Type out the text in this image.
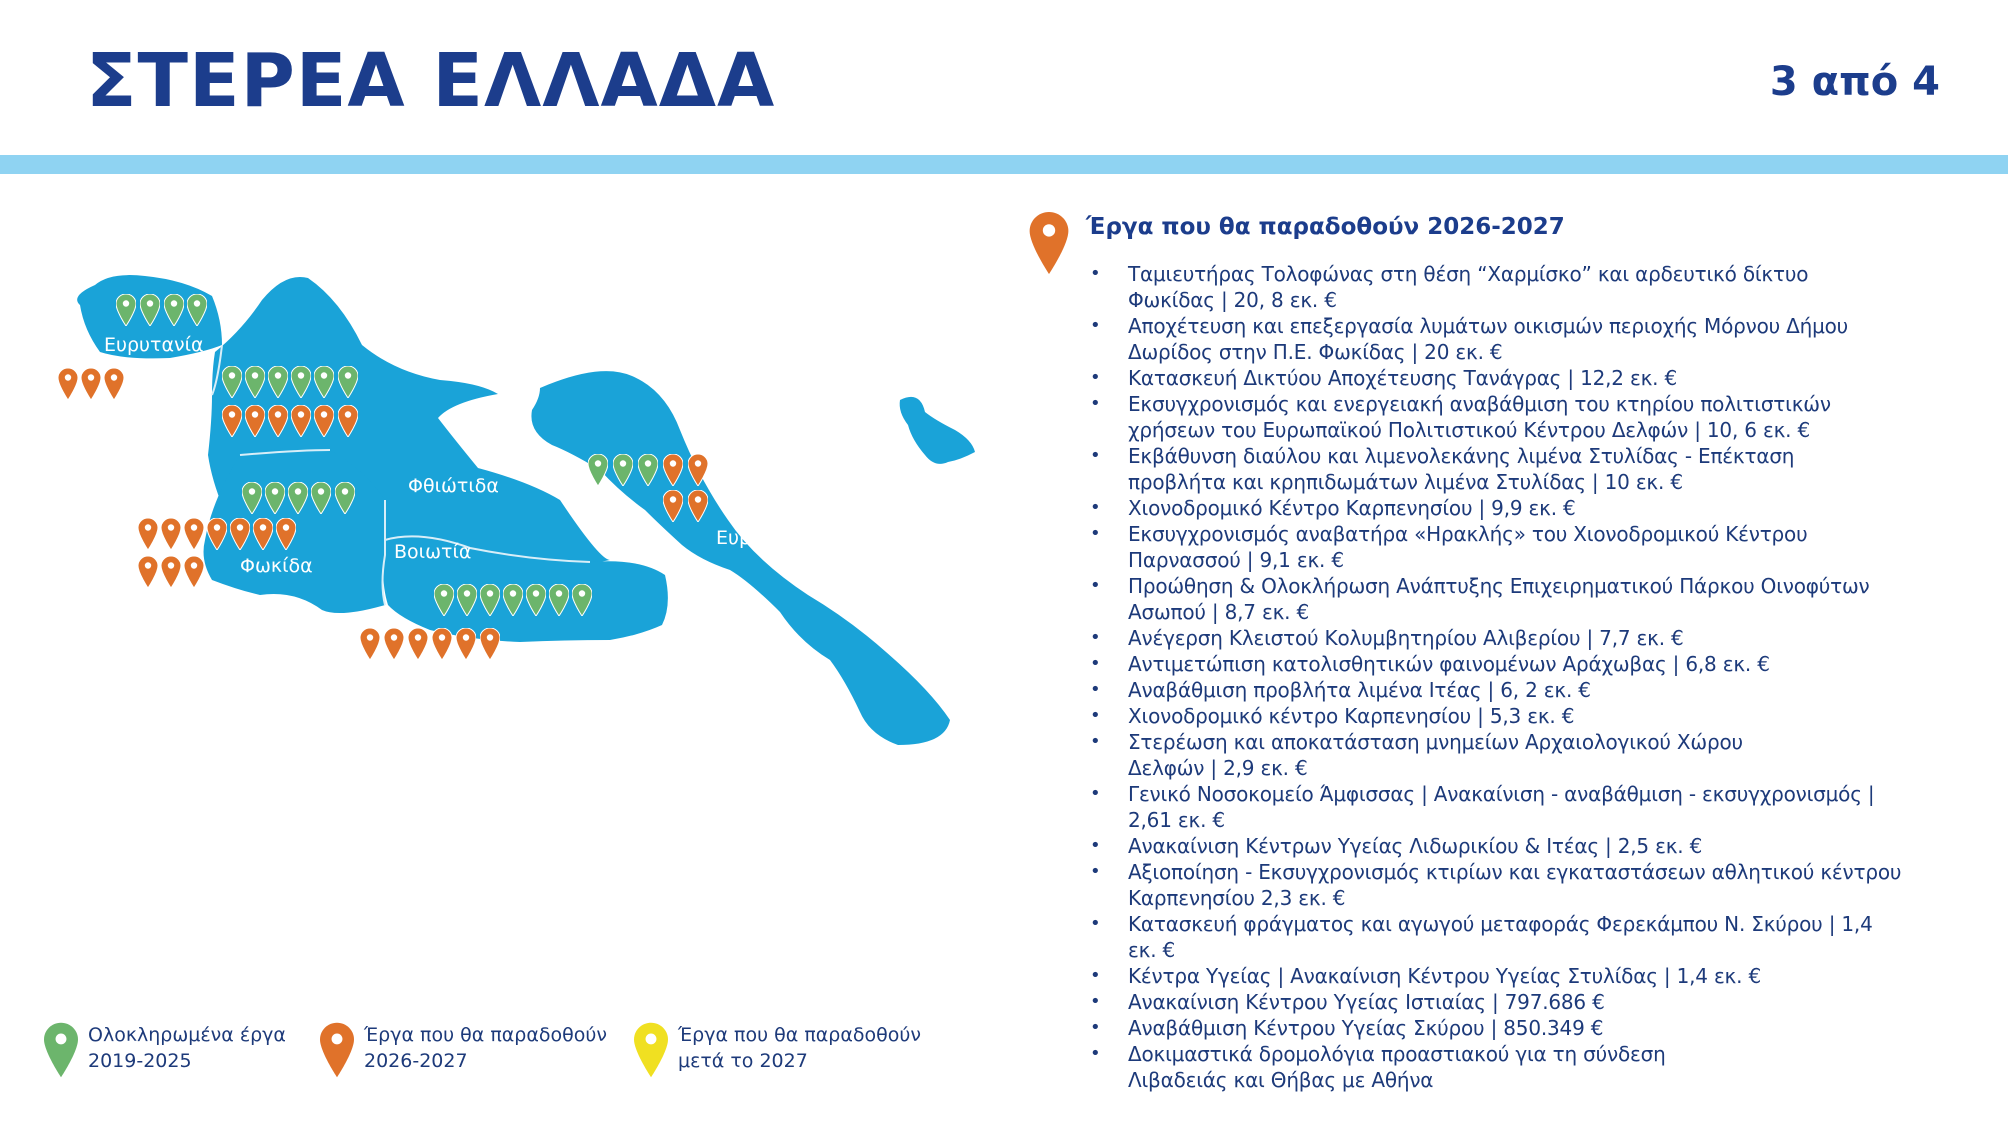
ΣΤΕΡΕΑ ΕΛΛΑΔΑ	3 από 4
Ευρυτανία
Φθιώτιδα
Φωκίδα
Βοιωτία
Ευβοία
Ολοκληρωμένα έργα
2019-2025
Έργα που θα παραδοθούν
2026-2027
Έργα που θα παραδοθούν
μετά το 2027
Έργα που θα παραδοθούν 2026-2027
• Ταμιευτήρας Τολοφώνας στη θέση “Χαρμίσκο” και αρδευτικό δίκτυο
Φωκίδας | 20, 8 εκ. €
• Αποχέτευση και επεξεργασία λυμάτων οικισμών περιοχής Μόρνου Δήμου
Δωρίδος στην Π.Ε. Φωκίδας | 20 εκ. €
• Κατασκευή Δικτύου Αποχέτευσης Τανάγρας | 12,2 εκ. €
• Εκσυγχρονισμός και ενεργειακή αναβάθμιση του κτηρίου πολιτιστικών
χρήσεων του Ευρωπαϊκού Πολιτιστικού Κέντρου Δελφών | 10, 6 εκ. €
• Εκβάθυνση διαύλου και λιμενολεκάνης λιμένα Στυλίδας - Επέκταση
προβλήτα και κρηπιδωμάτων λιμένα Στυλίδας | 10 εκ. €
• Χιονοδρομικό Κέντρο Καρπενησίου | 9,9 εκ. €
• Εκσυγχρονισμός αναβατήρα «Ηρακλής» του Χιονοδρομικού Κέντρου
Παρνασσού | 9,1 εκ. €
• Προώθηση & Ολοκλήρωση Ανάπτυξης Επιχειρηματικού Πάρκου Οινοφύτων
Ασωπού | 8,7 εκ. €
• Ανέγερση Κλειστού Κολυμβητηρίου Αλιβερίου | 7,7 εκ. €
• Αντιμετώπιση κατολισθητικών φαινομένων Αράχωβας | 6,8 εκ. €
• Αναβάθμιση προβλήτα λιμένα Ιτέας | 6, 2 εκ. €
• Χιονοδρομικό κέντρο Καρπενησίου | 5,3 εκ. €
• Στερέωση και αποκατάσταση μνημείων Αρχαιολογικού Χώρου
Δελφών | 2,9 εκ. €
• Γενικό Νοσοκομείο Άμφισσας | Ανακαίνιση - αναβάθμιση - εκσυγχρονισμός |
2,61 εκ. €
• Ανακαίνιση Κέντρων Υγείας Λιδωρικίου & Ιτέας | 2,5 εκ. €
• Αξιοποίηση - Εκσυγχρονισμός κτιρίων και εγκαταστάσεων αθλητικού κέντρου
Καρπενησίου 2,3 εκ. €
• Κατασκευή φράγματος και αγωγού μεταφοράς Φερεκάμπου Ν. Σκύρου | 1,4
εκ. €
• Κέντρα Υγείας | Ανακαίνιση Κέντρου Υγείας Στυλίδας | 1,4 εκ. €
• Ανακαίνιση Κέντρου Υγείας Ιστιαίας | 797.686 €
• Αναβάθμιση Κέντρου Υγείας Σκύρου | 850.349 €
• Δοκιμαστικά δρομολόγια προαστιακού για τη σύνδεση
Λιβαδειάς και Θήβας με Αθήνα
